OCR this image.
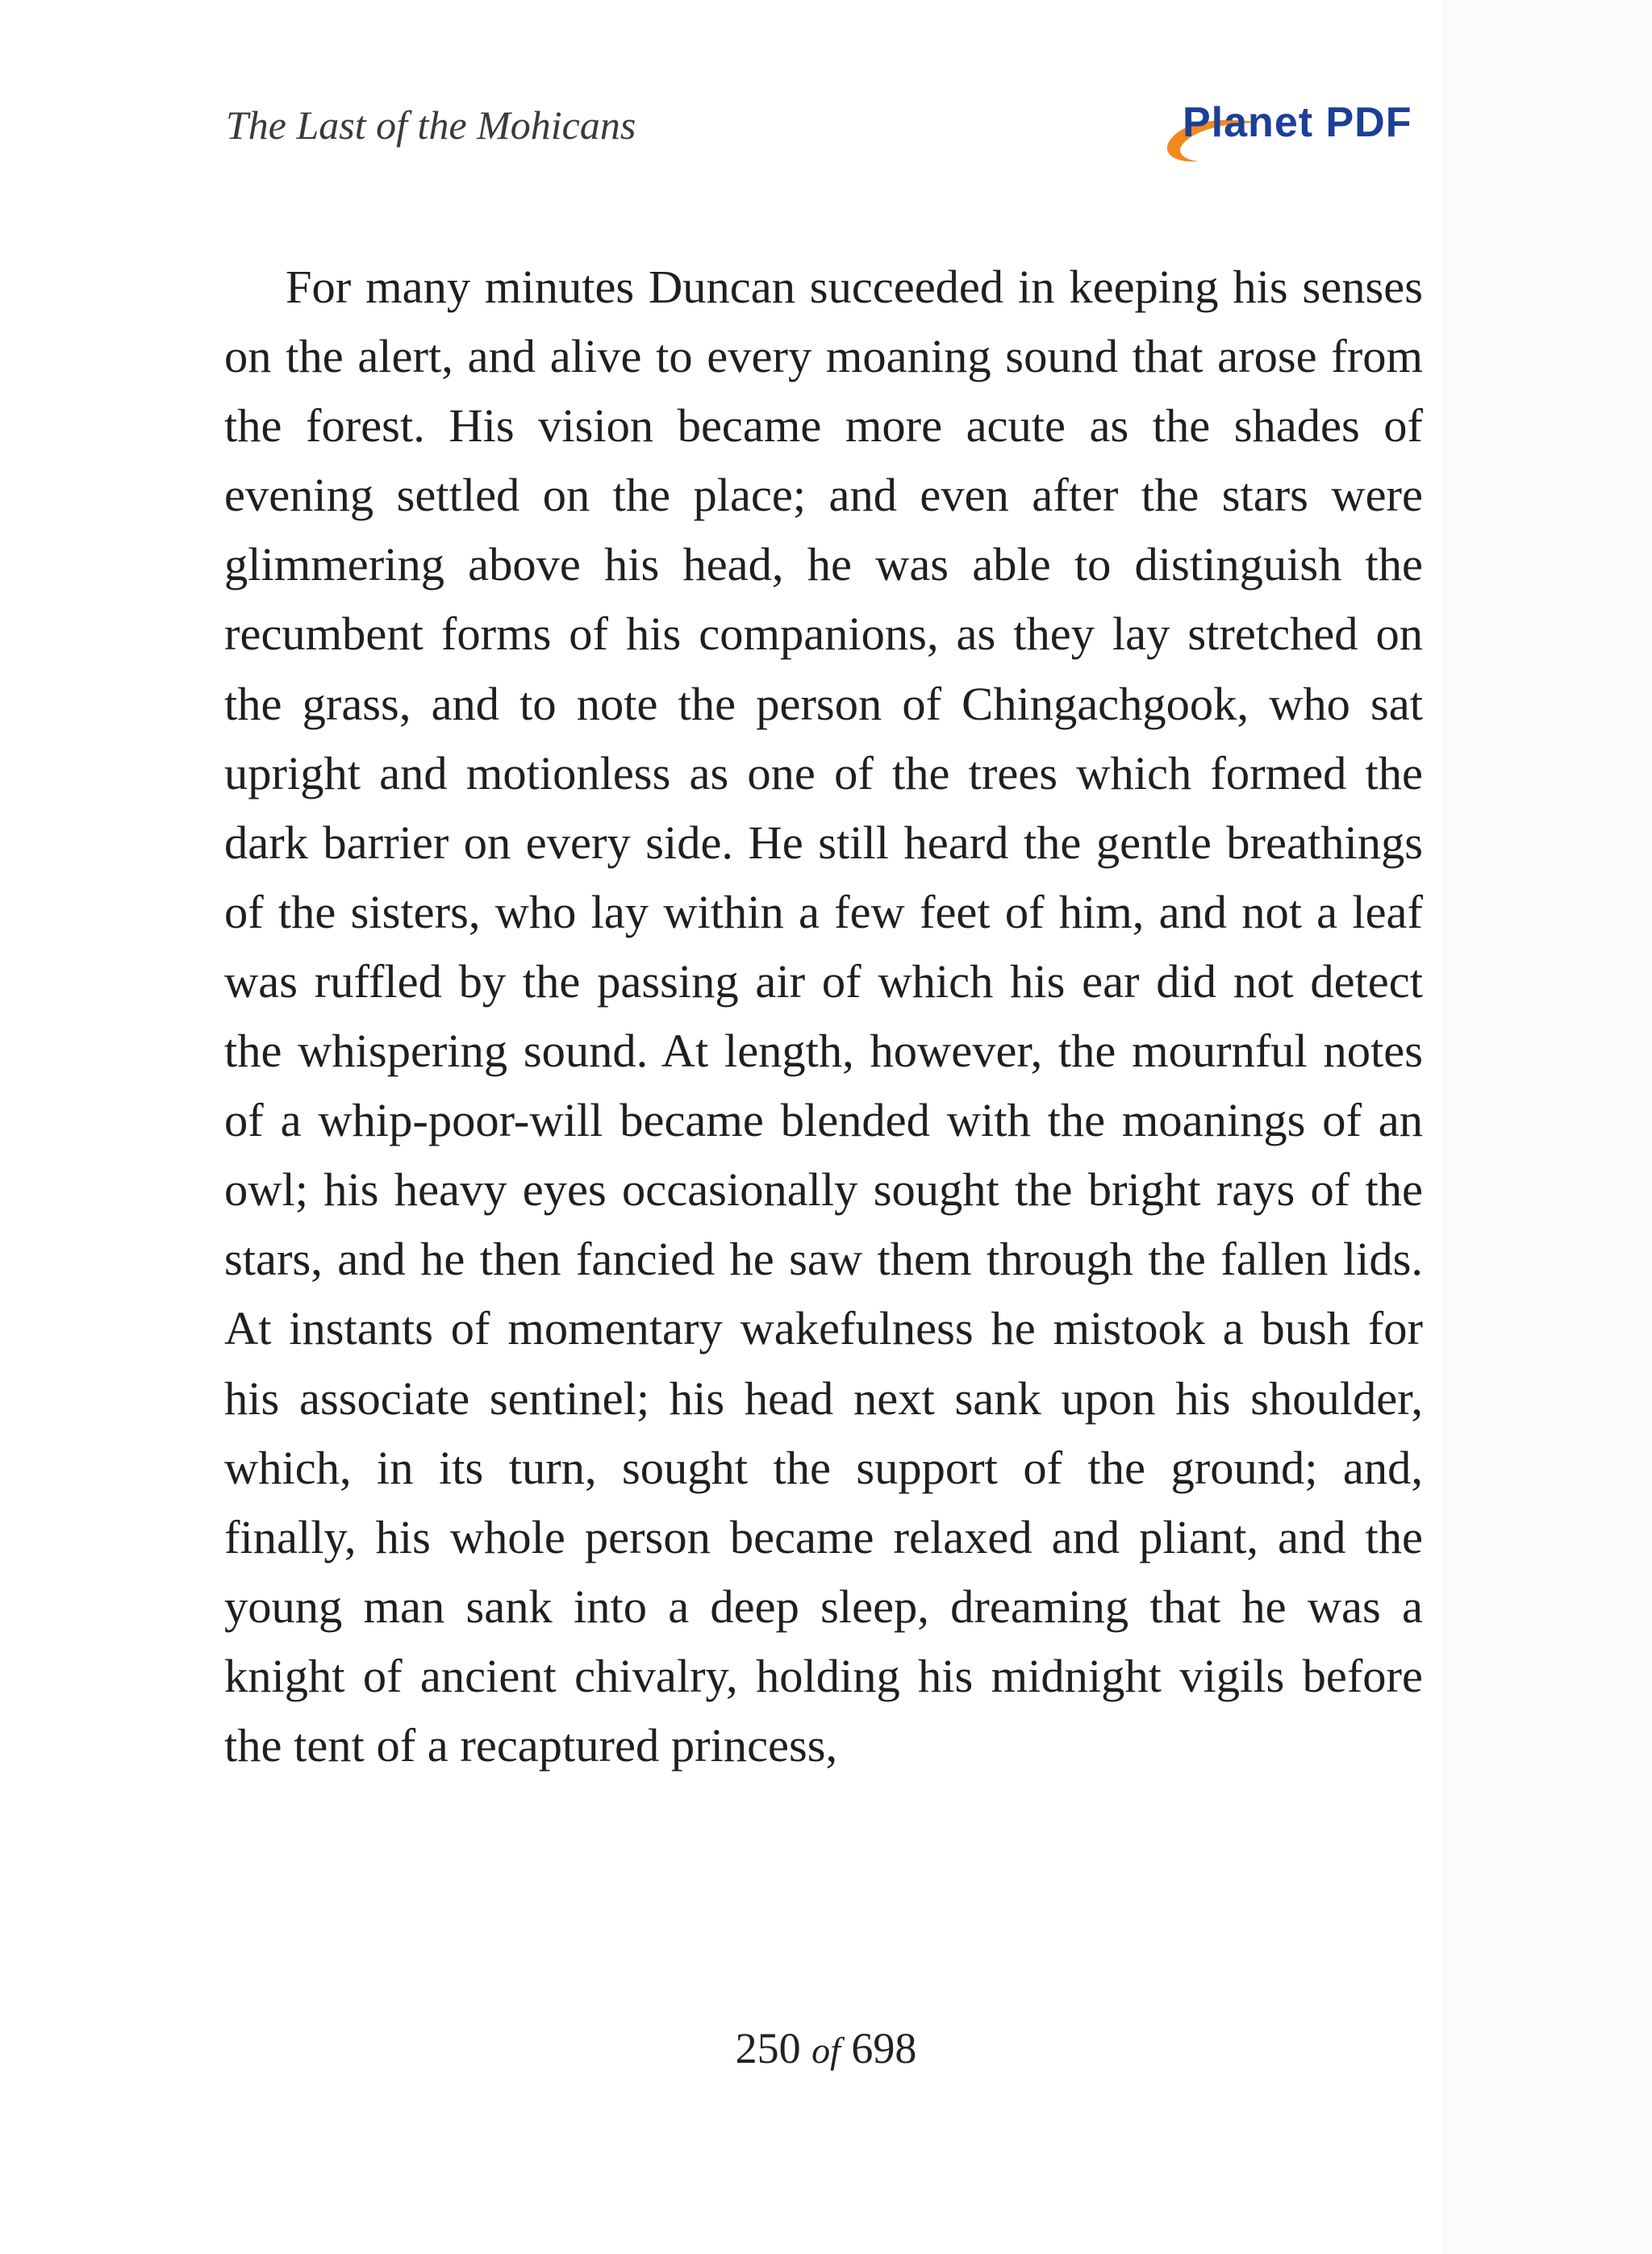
The Last of the Mohicans	Planet PDF

For many minutes Duncan succeeded in keeping his senses on the alert, and alive to every moaning sound that arose from the forest. His vision became more acute as the shades of evening settled on the place; and even after the stars were glimmering above his head, he was able to distinguish the recumbent forms of his companions, as they lay stretched on the grass, and to note the person of Chingachgook, who sat upright and motionless as one of the trees which formed the dark barrier on every side. He still heard the gentle breathings of the sisters, who lay within a few feet of him, and not a leaf was ruffled by the passing air of which his ear did not detect the whispering sound. At length, however, the mournful notes of a whip-poor-will became blended with the moanings of an owl; his heavy eyes occasionally sought the bright rays of the stars, and he then fancied he saw them through the fallen lids. At instants of momentary wakefulness he mistook a bush for his associate sentinel; his head next sank upon his shoulder, which, in its turn, sought the support of the ground; and, finally, his whole person became relaxed and pliant, and the young man sank into a deep sleep, dreaming that he was a knight of ancient chivalry, holding his midnight vigils before the tent of a recaptured princess,

250 of 698
